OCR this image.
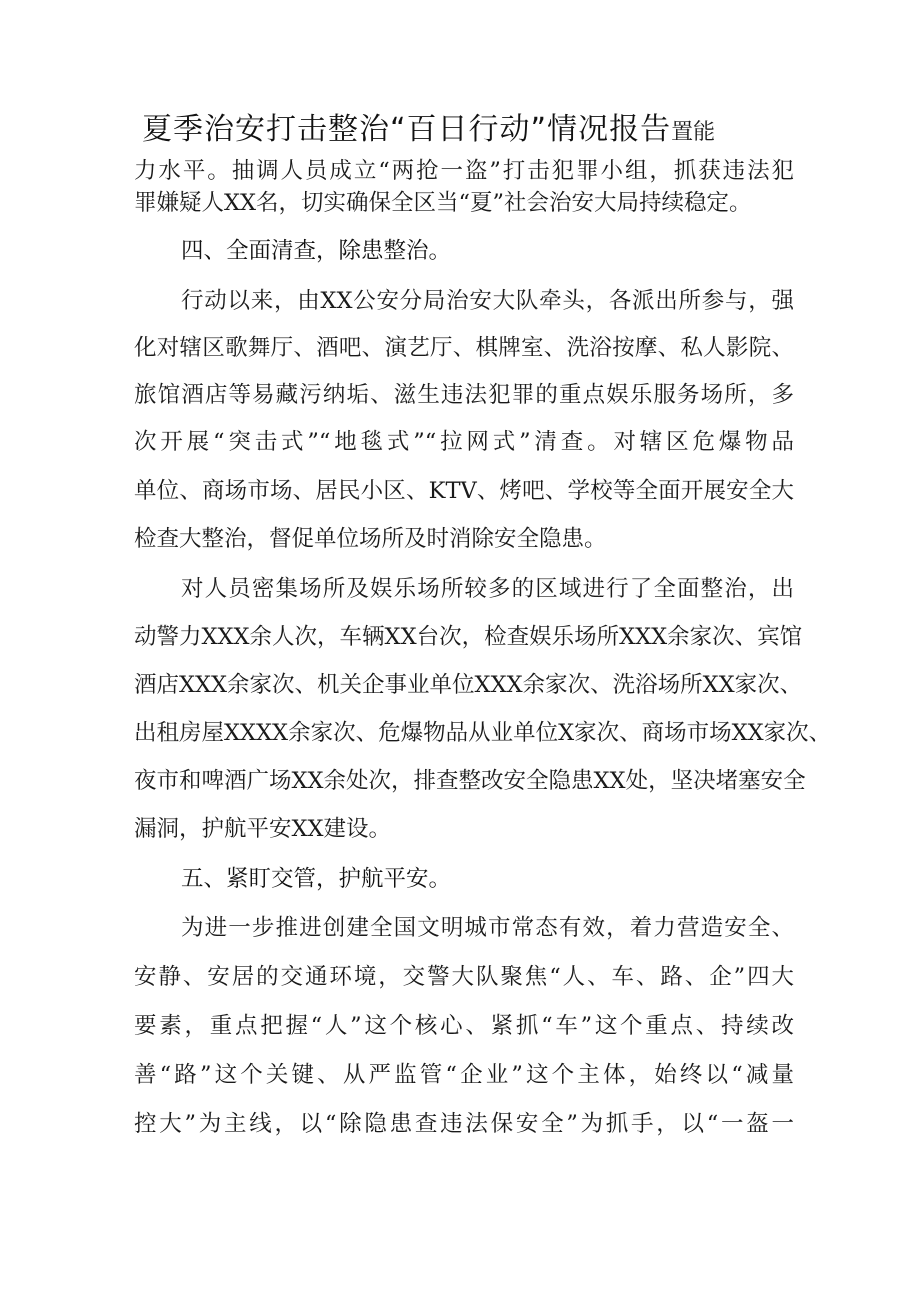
夏季治安打击整治“百日行动”情况报告置能
力水平。抽调人员成立“两抢一盗”打击犯罪小组，抓获违法犯
罪嫌疑人XX名，切实确保全区当“夏”社会治安大局持续稳定。
四、全面清查，除患整治。
行动以来，由XX公安分局治安大队牵头，各派出所参与，强
化对辖区歌舞厅、酒吧、演艺厅、棋牌室、洗浴按摩、私人影院、
旅馆酒店等易藏污纳垢、滋生违法犯罪的重点娱乐服务场所，多
次开展“突击式”“地毯式”“拉网式”清查。对辖区危爆物品
单位、商场市场、居民小区、KTV、烤吧、学校等全面开展安全大
检查大整治，督促单位场所及时消除安全隐患。
对人员密集场所及娱乐场所较多的区域进行了全面整治，出
动警力XXX余人次，车辆XX台次，检查娱乐场所XXX余家次、宾馆
酒店XXX余家次、机关企事业单位XXX余家次、洗浴场所XX家次、
出租房屋XXXX余家次、危爆物品从业单位X家次、商场市场XX家次、
夜市和啤酒广场XX余处次，排查整改安全隐患XX处，坚决堵塞安全
漏洞，护航平安XX建设。
五、紧盯交管，护航平安。
为进一步推进创建全国文明城市常态有效，着力营造安全、
安静、安居的交通环境，交警大队聚焦“人、车、路、企”四大
要素，重点把握“人”这个核心、紧抓“车”这个重点、持续改
善“路”这个关键、从严监管“企业”这个主体，始终以“减量
控大”为主线，以“除隐患查违法保安全”为抓手，以“一盔一
